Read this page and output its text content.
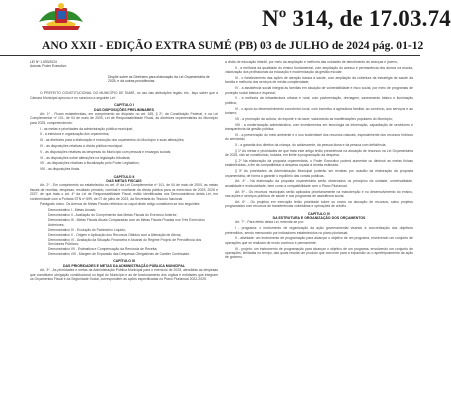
Nº 314, de 17.03.74
ANO XXII - EDIÇÃO EXTRA SUMÉ (PB) 03 de JULHO de 2024 pág. 01-12
LEI Nº 1.593/2024
Autoria: Poder Executivo
Dispõe sobre as Diretrizes para elaboração da Lei Orçamentária de 2025, e dá outras providências.

O PREFEITO CONSTITUCIONAL DO MUNICÍPIO DE SUMÉ, no uso das atribuições legais, etc., faço saber que a Câmara Municipal aprovou e eu sanciono a seguinte Lei:

CAPÍTULO I
DAS DISPOSIÇÕES PRELIMINARES

Art. 1º - Ficam estabelecidas, em cumprimento ao disposto no art. 165, § 2º, da Constituição Federal, e na Lei Complementar nº 101, de 04 de maio de 2000, Lei de Responsabilidade Fiscal, as diretrizes orçamentárias do Município para 2025, compreendendo:

I - as metas e prioridades da administração pública municipal;

II - a estrutura e organização dos orçamentos;

III - as diretrizes para a elaboração e execução dos orçamentos do Município e suas alterações;

IV - as disposições relativas à dívida pública municipal;

V - as disposições relativas às despesas do Município com pessoal e encargos sociais;

VI - as disposições sobre alterações na legislação tributária;

VII - as disposições relativas à fiscalização pelo Poder Legislativo;

VIII - as disposições finais.

CAPÍTULO II
DAS METAS FISCAIS

Art. 2º - Em cumprimento ao estabelecido no art. 4º da Lei Complementar nº 101, de 04 de maio de 2000, as metas fiscais de receitas, despesas, resultado primário, nominal e montante da dívida pública para os exercícios de 2025, 2026 e 2027, de que trata o art. 4º da Lei de Responsabilidade Fiscal, estão identificadas nos Demonstrativos desta Lei, em conformidade com a Portaria STN nº 699, de 07 de julho de 2023, da Secretaria do Tesouro Nacional.

Parágrafo único. Os Anexos de Metas Fiscais referidos no caput deste artigo constituem-se dos seguintes:

Demonstrativo I - Metas Anuais;
Demonstrativo II - Avaliação do Cumprimento das Metas Fiscais do Exercício Anterior;
Demonstrativo III - Metas Fiscais Atuais Comparadas com as Metas Fiscais Fixadas nos Três Exercícios Anteriores;
Demonstrativo IV - Evolução do Patrimônio Líquido;
Demonstrativo V - Origem e Aplicação dos Recursos Obtidos com a Alienação de Ativos;
Demonstrativo VI - Avaliação da Situação Financeira e Atuarial do Regime Próprio de Previdência dos Servidores Públicos;
Demonstrativo VII - Estimativa e Compensação da Renúncia de Receita;
Demonstrativo VIII - Margem de Expansão das Despesas Obrigatórias de Caráter Continuado.
CAPÍTULO III
DAS PRIORIDADES E METAS DA ADMINISTRAÇÃO PÚBLICA MUNICIPAL

Art. 3º - As prioridades e metas da Administração Pública Municipal para o exercício de 2025, atendidas as despesas que constituem obrigação constitucional ou legal do Município e as de funcionamento dos órgãos e entidades que integram os Orçamentos Fiscal e da Seguridade Social, correspondem às ações especificadas no Plano Plurianual 2022-2025.

a visão de educação infantil, por meio da ampliação e melhoria das unidades de atendimento às crianças e jovens;

II - a melhoria da qualidade do ensino fundamental, com ampliação do acesso e permanência dos alunos na escola, valorização dos profissionais da educação e modernização da gestão escolar;

III - o fortalecimento das ações de atenção básica à saúde, com ampliação da cobertura da estratégia de saúde da família e melhoria dos serviços de média complexidade;

IV - a assistência social integral às famílias em situação de vulnerabilidade e risco social, por meio de programas de proteção social básica e especial;

V - a melhoria da infraestrutura urbana e rural, com pavimentação, drenagem, saneamento básico e iluminação pública;

VI - o apoio ao desenvolvimento econômico local, com incentivo à agricultura familiar, ao comércio, aos serviços e ao turismo;

VII - a promoção da cultura, do esporte e do lazer, valorizando as manifestações populares do Município;

VIII - a modernização administrativa, com investimentos em tecnologia da informação, capacitação de servidores e transparência da gestão pública;

IX - a preservação do meio ambiente e o uso sustentável dos recursos naturais, especialmente dos recursos hídricos do semiárido;

X - a garantia dos direitos da criança, do adolescente, da pessoa idosa e da pessoa com deficiência.

§ 1º As metas e prioridades de que trata este artigo terão precedência na alocação de recursos na Lei Orçamentária de 2025, não se constituindo, todavia, em limite à programação da despesa.

§ 2º Na elaboração da proposta orçamentária, o Poder Executivo poderá aumentar ou diminuir as metas físicas estabelecidas, a fim de compatibilizar a despesa orçada à receita estimada.

§ 3º As prioridades da Administração Municipal poderão ser revistas por ocasião da elaboração da proposta orçamentária, de forma a garantir o equilíbrio das contas públicas.

Art. 4º - Na elaboração da proposta orçamentária serão observados os princípios da unidade, universalidade, anualidade e exclusividade, bem como a compatibilidade com o Plano Plurianual.

Art. 5º - Os recursos municipais serão aplicados prioritariamente na manutenção e no desenvolvimento do ensino, nas ações e serviços públicos de saúde e nos programas de assistência social.

Art. 6º - Os projetos em execução terão prioridade sobre os novos na alocação de recursos, salvo projetos programados com recursos de transferências voluntárias e operações de crédito.

CAPÍTULO IV
DA ESTRUTURA E ORGANIZAÇÃO DOS ORÇAMENTOS

Art. 7º - Para efeito desta Lei, entende-se por:

I - programa: o instrumento de organização da ação governamental visando à concretização dos objetivos pretendidos, sendo mensurado por indicadores estabelecidos no plano plurianual;

II - atividade: um instrumento de programação para alcançar o objetivo de um programa, envolvendo um conjunto de operações que se realizam de modo contínuo e permanente;

III - projeto: um instrumento de programação para alcançar o objetivo de um programa, envolvendo um conjunto de operações, limitadas no tempo, das quais resulta um produto que concorre para a expansão ou o aperfeiçoamento da ação de governo.
